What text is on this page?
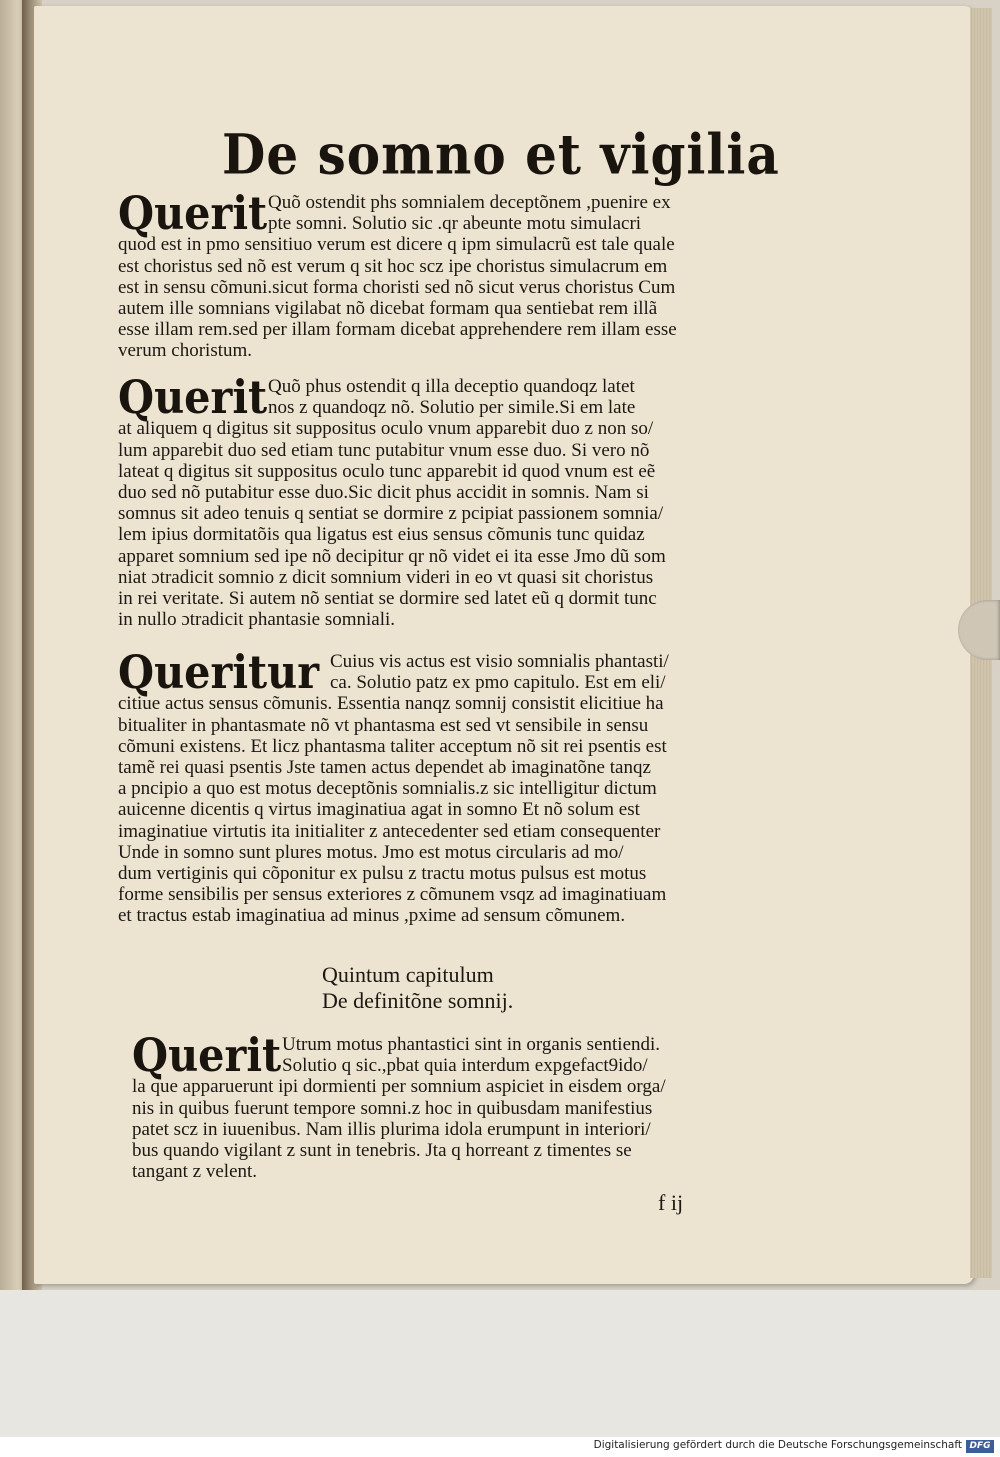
De somno et vigilia
Querit Quõ ostendit phs somnialem deceptõnem ,puenire ex
pte somni. Solutio sic .qr abeunte motu simulacri
quod est in pmo sensitiuo verum est dicere q ipm simulacrũ est tale quale
est choristus sed nõ est verum q sit hoc scz ipe choristus simulacrum em
est in sensu cõmuni.sicut forma choristi sed nõ sicut verus choristus Cum
autem ille somnians vigilabat nõ dicebat formam qua sentiebat rem illã
esse illam rem.sed per illam formam dicebat apprehendere rem illam esse
verum choristum.
Querit Quõ phus ostendit q illa deceptio quandoqz latet
nos z quandoqz nõ. Solutio per simile.Si em late
at aliquem q digitus sit suppositus oculo vnum apparebit duo z non so/
lum apparebit duo sed etiam tunc putabitur vnum esse duo. Si vero nõ
lateat q digitus sit suppositus oculo tunc apparebit id quod vnum est eẽ
duo sed nõ putabitur esse duo.Sic dicit phus accidit in somnis. Nam si
somnus sit adeo tenuis q sentiat se dormire z pcipiat passionem somnia/
lem ipius dormitatõis qua ligatus est eius sensus cõmunis tunc quidaz
apparet somnium sed ipe nõ decipitur qr nõ videt ei ita esse Jmo dũ som
niat ɔtradicit somnio z dicit somnium videri in eo vt quasi sit choristus
in rei veritate. Si autem nõ sentiat se dormire sed latet eũ q dormit tunc
in nullo ɔtradicit phantasie somniali.
Queritur Cuius vis actus est visio somnialis phantasti/
ca. Solutio patz ex pmo capitulo. Est em eli/
citiue actus sensus cõmunis. Essentia nanqz somnij consistit elicitiue ha
bitualiter in phantasmate nõ vt phantasma est sed vt sensibile in sensu
cõmuni existens. Et licz phantasma taliter acceptum nõ sit rei psentis est
tamẽ rei quasi psentis Jste tamen actus dependet ab imaginatõne tanqz
a pncipio a quo est motus deceptõnis somnialis.z sic intelligitur dictum
auicenne dicentis q virtus imaginatiua agat in somno Et nõ solum est
imaginatiue virtutis ita initialiter z antecedenter sed etiam consequenter
Unde in somno sunt plures motus. Jmo est motus circularis ad mo/
dum vertiginis qui cõponitur ex pulsu z tractu motus pulsus est motus
forme sensibilis per sensus exteriores z cõmunem vsqz ad imaginatiuam
et tractus estab imaginatiua ad minus ,pxime ad sensum cõmunem.
Quintum capitulum
De definitõne somnij.
Querit Utrum motus phantastici sint in organis sentiendi.
Solutio q sic.,pbat quia interdum expgefact9ido/
la que apparuerunt ipi dormienti per somnium aspiciet in eisdem orga/
nis in quibus fuerunt tempore somni.z hoc in quibusdam manifestius
patet scz in iuuenibus. Nam illis plurima idola erumpunt in interiori/
bus quando vigilant z sunt in tenebris. Jta q horreant z timentes se
tangant z velent.
f ij
Digitalisierung gefördert durch die Deutsche Forschungsgemeinschaft DFG
